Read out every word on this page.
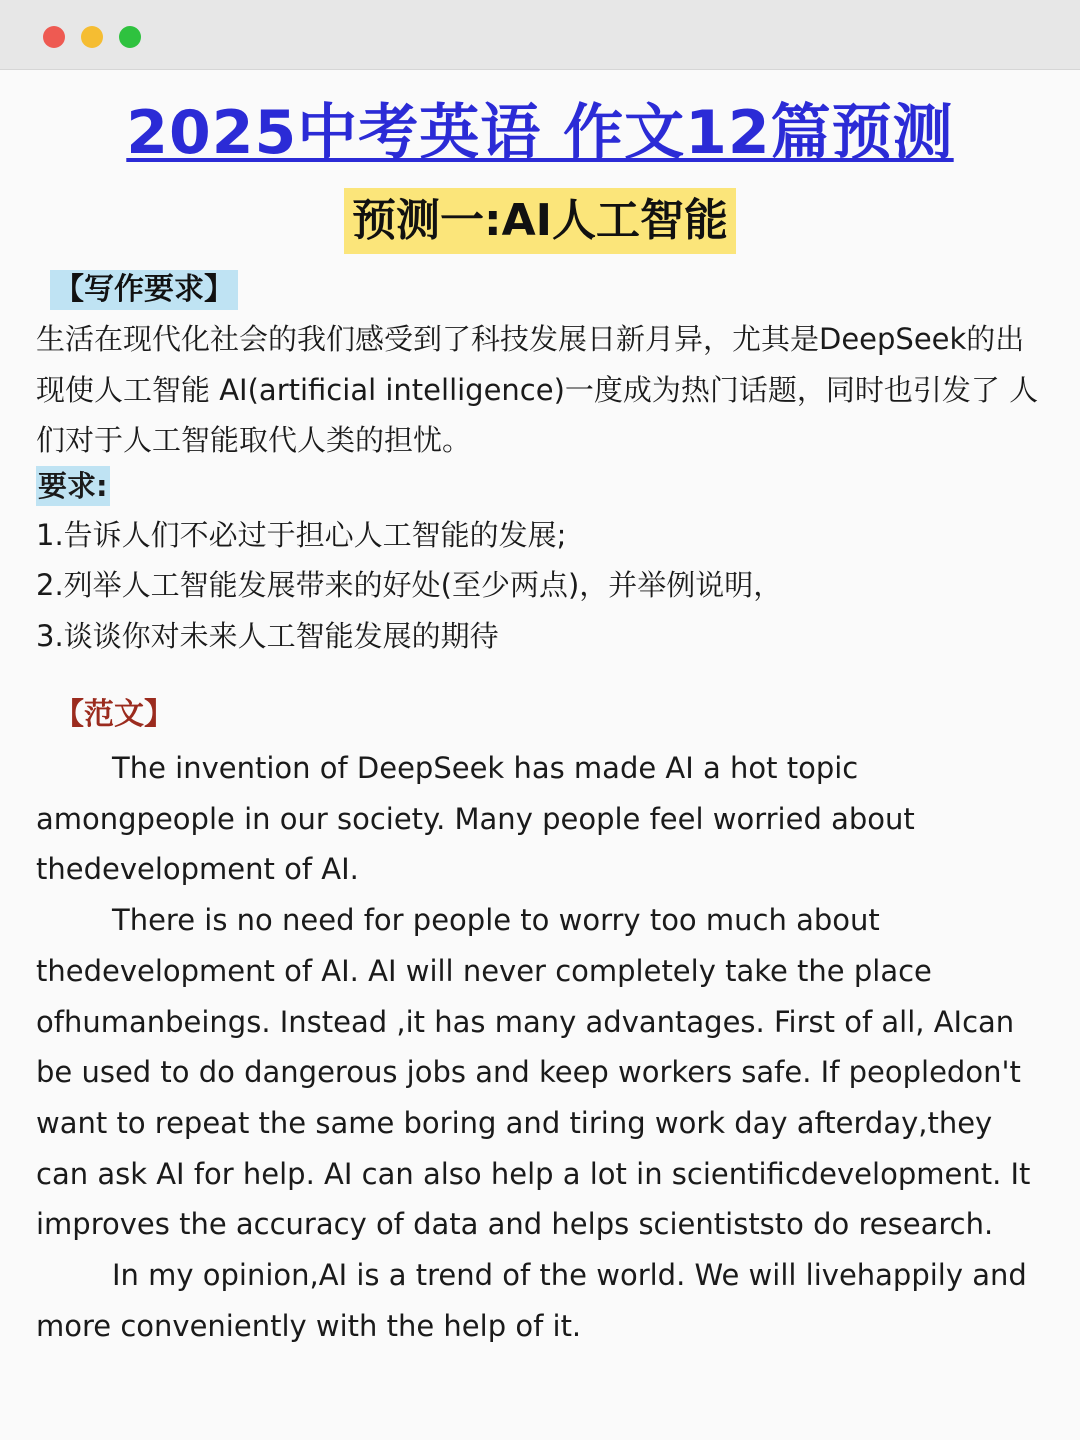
2025中考英语 作文12篇预测
预测一:AI人工智能
【写作要求】

生活在现代化社会的我们感受到了科技发展日新月异，尤其是DeepSeek的出现使人工智能 AI(artificial intelligence)一度成为热门话题，同时也引发了 人们对于人工智能取代人类的担忧。

要求:
1.告诉人们不必过于担心人工智能的发展;
2.列举人工智能发展带来的好处(至少两点)，并举例说明，
3.谈谈你对未来人工智能发展的期待
【范文】

The invention of DeepSeek has made AI a hot topic amongpeople in our society. Many people feel worried about thedevelopment of AI.

There is no need for people to worry too much about thedevelopment of AI. AI will never completely take the place ofhumanbeings. Instead ,it has many advantages. First of all, AIcan be used to do dangerous jobs and keep workers safe. If peopledon't want to repeat the same boring and tiring work day afterday,they can ask AI for help. AI can also help a lot in scientificdevelopment. It improves the accuracy of data and helps scientiststo do research.

In my opinion,AI is a trend of the world. We will livehappily and more conveniently with the help of it.
